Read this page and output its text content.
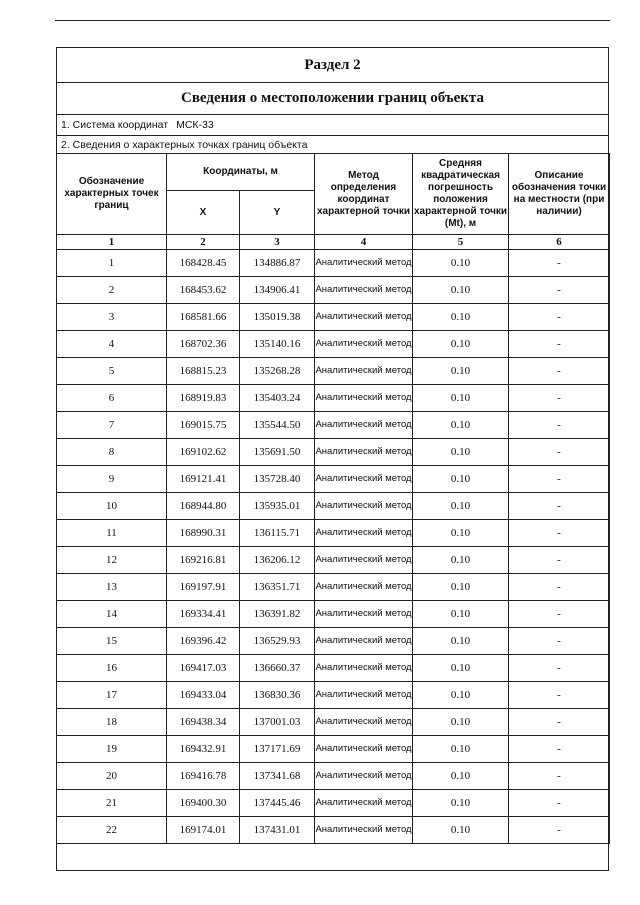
Раздел 2
Сведения о местоположении границ объекта
1. Система координат МСК-33
2. Сведения о характерных точках границ объекта
Обозначение характерных точек границ	Координаты, м		Метод определения координат характерной точки	Средняя квадратическая погрешность положения характерной точки (Mt), м	Описание обозначения точки на местности (при наличии)
	X	Y			
1	2	3	4	5	6
1	168428.45	134886.87	Аналитический метод	0.10	-
2	168453.62	134906.41	Аналитический метод	0.10	-
3	168581.66	135019.38	Аналитический метод	0.10	-
4	168702.36	135140.16	Аналитический метод	0.10	-
5	168815.23	135268.28	Аналитический метод	0.10	-
6	168919.83	135403.24	Аналитический метод	0.10	-
7	169015.75	135544.50	Аналитический метод	0.10	-
8	169102.62	135691.50	Аналитический метод	0.10	-
9	169121.41	135728.40	Аналитический метод	0.10	-
10	168944.80	135935.01	Аналитический метод	0.10	-
11	168990.31	136115.71	Аналитический метод	0.10	-
12	169216.81	136206.12	Аналитический метод	0.10	-
13	169197.91	136351.71	Аналитический метод	0.10	-
14	169334.41	136391.82	Аналитический метод	0.10	-
15	169396.42	136529.93	Аналитический метод	0.10	-
16	169417.03	136660.37	Аналитический метод	0.10	-
17	169433.04	136830.36	Аналитический метод	0.10	-
18	169438.34	137001.03	Аналитический метод	0.10	-
19	169432.91	137171.69	Аналитический метод	0.10	-
20	169416.78	137341.68	Аналитический метод	0.10	-
21	169400.30	137445.46	Аналитический метод	0.10	-
22	169174.01	137431.01	Аналитический метод	0.10	-
